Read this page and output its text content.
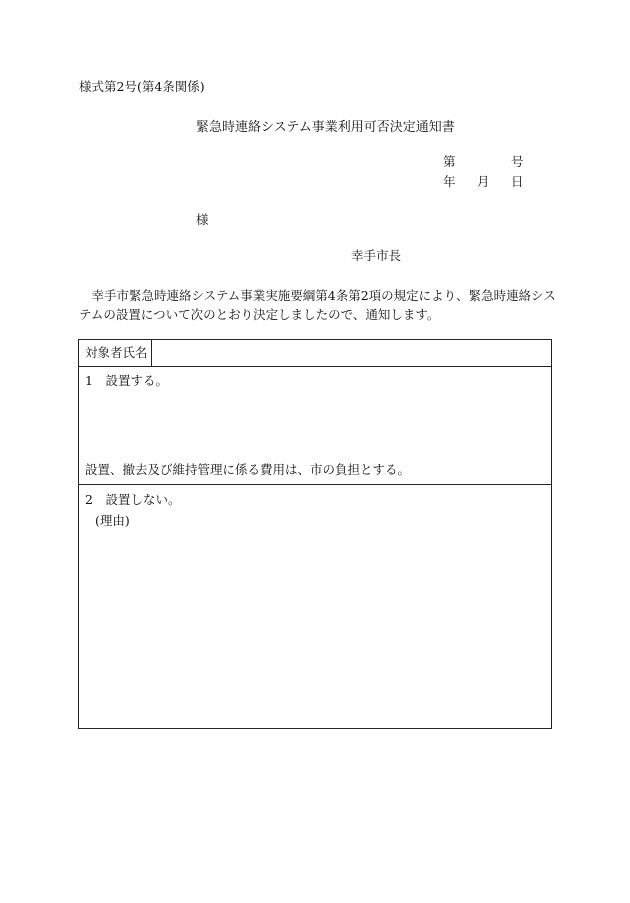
様式第2号(第4条関係)
緊急時連絡システム事業利用可否決定通知書
第	号
年 月 日
様
幸手市長
幸手市緊急時連絡システム事業実施要綱第4条第2項の規定により、緊急時連絡システムの設置について次のとおり決定しましたので、通知します。
対象者氏名
1　設置する。
設置、撤去及び維持管理に係る費用は、市の負担とする。
2　設置しない。
(理由)
